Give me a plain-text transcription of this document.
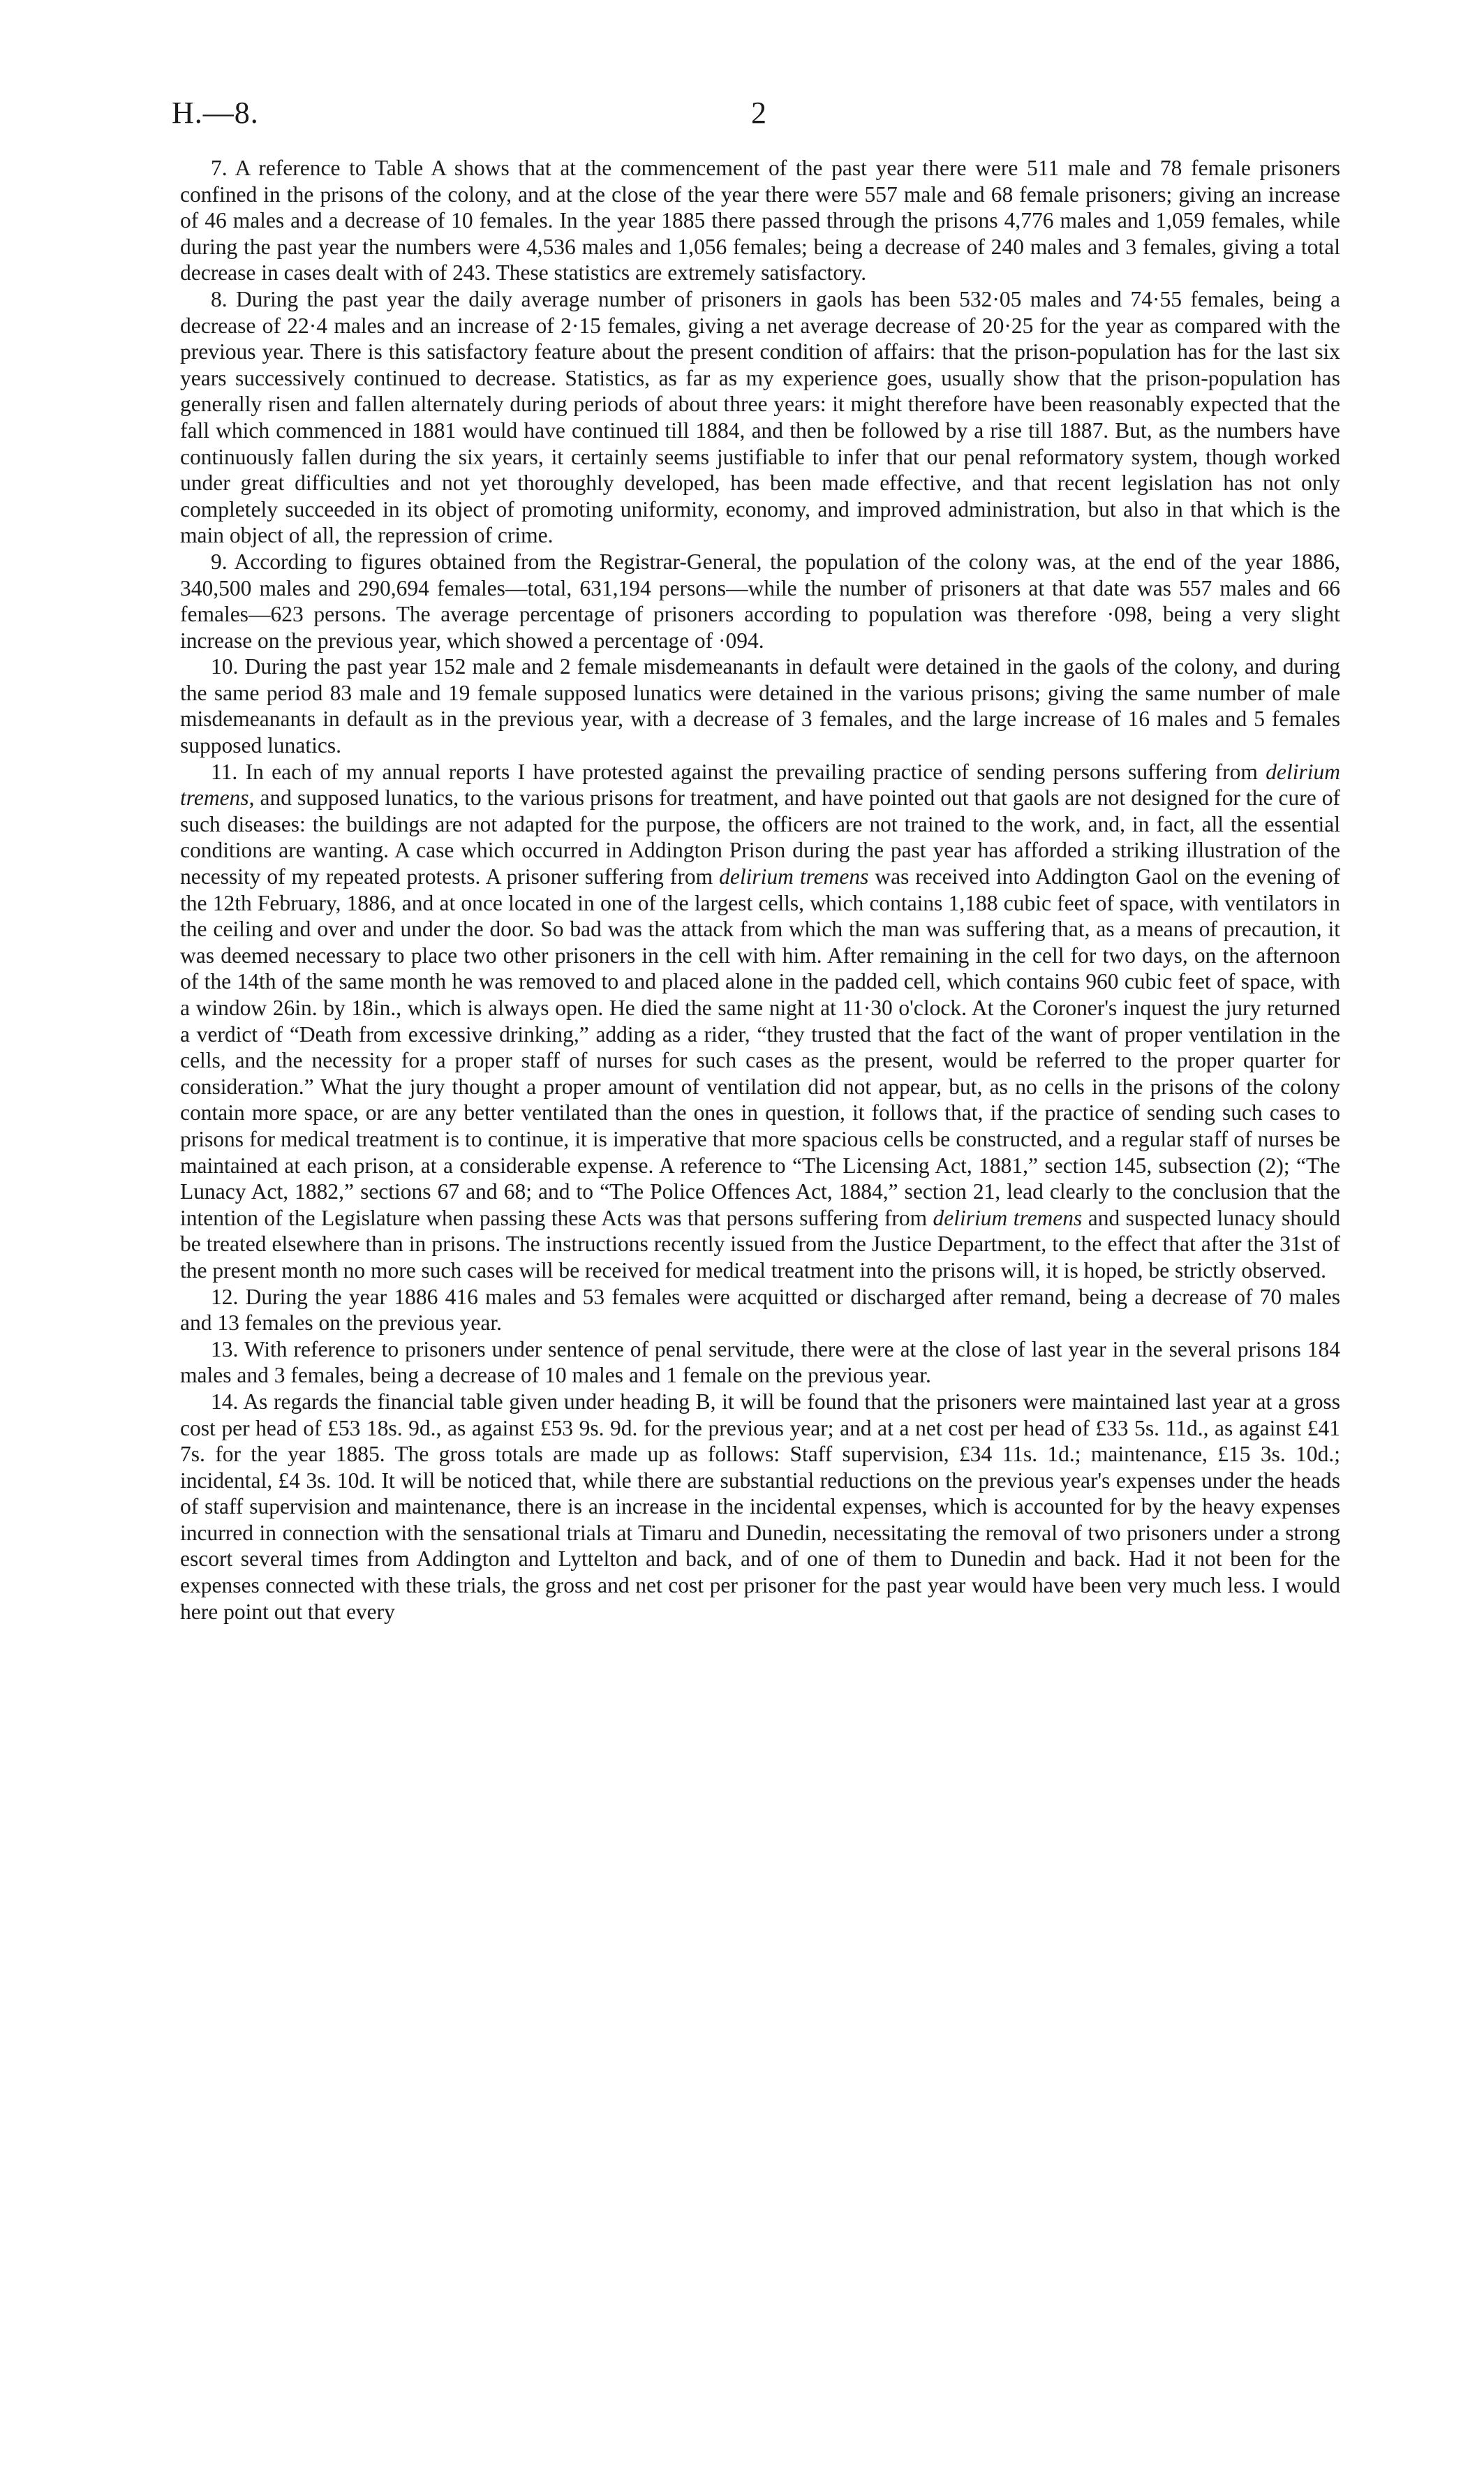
H.—8.	2

7. A reference to Table A shows that at the commencement of the past year there were 511 male and 78 female prisoners confined in the prisons of the colony, and at the close of the year there were 557 male and 68 female prisoners; giving an increase of 46 males and a decrease of 10 females. In the year 1885 there passed through the prisons 4,776 males and 1,059 females, while during the past year the numbers were 4,536 males and 1,056 females; being a decrease of 240 males and 3 females, giving a total decrease in cases dealt with of 243. These statistics are extremely satisfactory.

8. During the past year the daily average number of prisoners in gaols has been 532·05 males and 74·55 females, being a decrease of 22·4 males and an increase of 2·15 females, giving a net average decrease of 20·25 for the year as compared with the previous year. There is this satisfactory feature about the present condition of affairs: that the prison-population has for the last six years successively continued to decrease. Statistics, as far as my experience goes, usually show that the prison-population has generally risen and fallen alternately during periods of about three years: it might therefore have been reasonably expected that the fall which commenced in 1881 would have continued till 1884, and then be followed by a rise till 1887. But, as the numbers have continuously fallen during the six years, it certainly seems justifiable to infer that our penal reformatory system, though worked under great difficulties and not yet thoroughly developed, has been made effective, and that recent legislation has not only completely succeeded in its object of promoting uniformity, economy, and improved administration, but also in that which is the main object of all, the repression of crime.

9. According to figures obtained from the Registrar-General, the population of the colony was, at the end of the year 1886, 340,500 males and 290,694 females—total, 631,194 persons—while the number of prisoners at that date was 557 males and 66 females—623 persons. The average percentage of prisoners according to population was therefore ·098, being a very slight increase on the previous year, which showed a percentage of ·094.

10. During the past year 152 male and 2 female misdemeanants in default were detained in the gaols of the colony, and during the same period 83 male and 19 female supposed lunatics were detained in the various prisons; giving the same number of male misdemeanants in default as in the previous year, with a decrease of 3 females, and the large increase of 16 males and 5 females supposed lunatics.

11. In each of my annual reports I have protested against the prevailing practice of sending persons suffering from delirium tremens, and supposed lunatics, to the various prisons for treatment, and have pointed out that gaols are not designed for the cure of such diseases: the buildings are not adapted for the purpose, the officers are not trained to the work, and, in fact, all the essential conditions are wanting. A case which occurred in Addington Prison during the past year has afforded a striking illustration of the necessity of my repeated protests. A prisoner suffering from delirium tremens was received into Addington Gaol on the evening of the 12th February, 1886, and at once located in one of the largest cells, which contains 1,188 cubic feet of space, with ventilators in the ceiling and over and under the door. So bad was the attack from which the man was suffering that, as a means of precaution, it was deemed necessary to place two other prisoners in the cell with him. After remaining in the cell for two days, on the afternoon of the 14th of the same month he was removed to and placed alone in the padded cell, which contains 960 cubic feet of space, with a window 26in. by 18in., which is always open. He died the same night at 11·30 o'clock. At the Coroner's inquest the jury returned a verdict of “Death from excessive drinking,” adding as a rider, “they trusted that the fact of the want of proper ventilation in the cells, and the necessity for a proper staff of nurses for such cases as the present, would be referred to the proper quarter for consideration.” What the jury thought a proper amount of ventilation did not appear, but, as no cells in the prisons of the colony contain more space, or are any better ventilated than the ones in question, it follows that, if the practice of sending such cases to prisons for medical treatment is to continue, it is imperative that more spacious cells be constructed, and a regular staff of nurses be maintained at each prison, at a considerable expense. A reference to “The Licensing Act, 1881,” section 145, subsection (2); “The Lunacy Act, 1882,” sections 67 and 68; and to “The Police Offences Act, 1884,” section 21, lead clearly to the conclusion that the intention of the Legislature when passing these Acts was that persons suffering from delirium tremens and suspected lunacy should be treated elsewhere than in prisons. The instructions recently issued from the Justice Department, to the effect that after the 31st of the present month no more such cases will be received for medical treatment into the prisons will, it is hoped, be strictly observed.

12. During the year 1886 416 males and 53 females were acquitted or discharged after remand, being a decrease of 70 males and 13 females on the previous year.

13. With reference to prisoners under sentence of penal servitude, there were at the close of last year in the several prisons 184 males and 3 females, being a decrease of 10 males and 1 female on the previous year.

14. As regards the financial table given under heading B, it will be found that the prisoners were maintained last year at a gross cost per head of £53 18s. 9d., as against £53 9s. 9d. for the previous year; and at a net cost per head of £33 5s. 11d., as against £41 7s. for the year 1885. The gross totals are made up as follows: Staff supervision, £34 11s. 1d.; maintenance, £15 3s. 10d.; incidental, £4 3s. 10d. It will be noticed that, while there are substantial reductions on the previous year's expenses under the heads of staff supervision and maintenance, there is an increase in the incidental expenses, which is accounted for by the heavy expenses incurred in connection with the sensational trials at Timaru and Dunedin, necessitating the removal of two prisoners under a strong escort several times from Addington and Lyttelton and back, and of one of them to Dunedin and back. Had it not been for the expenses connected with these trials, the gross and net cost per prisoner for the past year would have been very much less. I would here point out that every
